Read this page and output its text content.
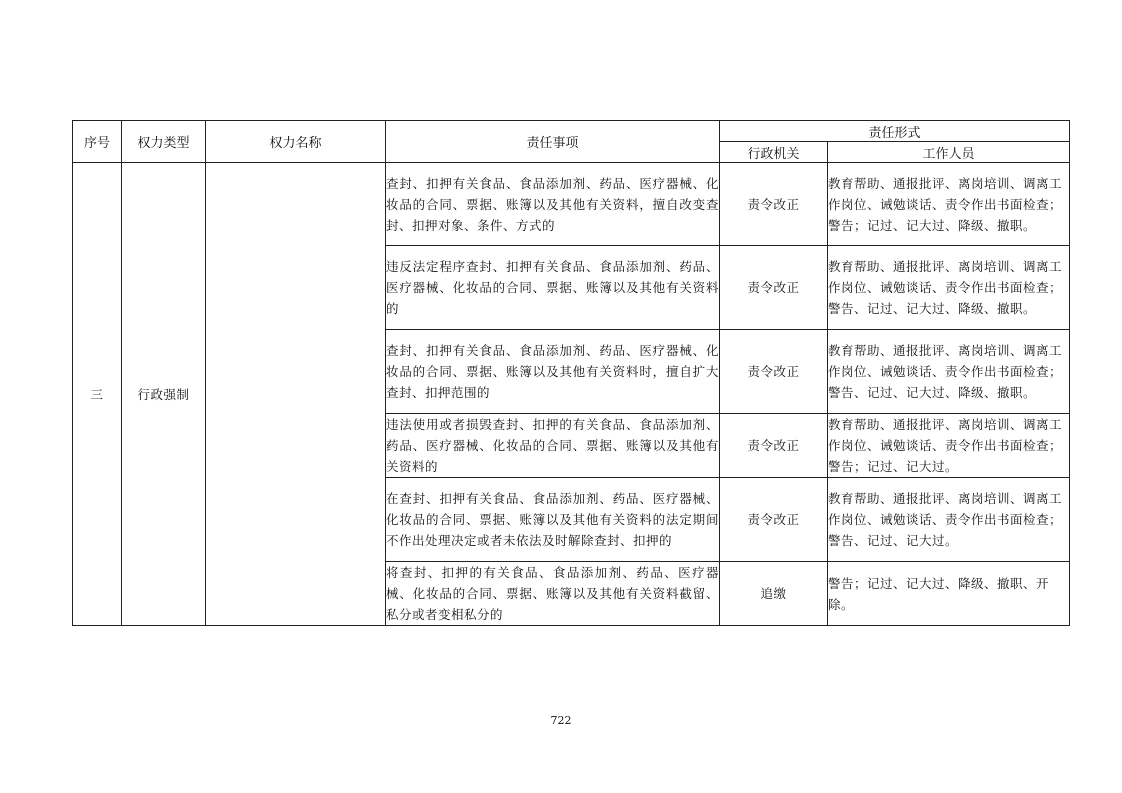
序号	权力类型	权力名称	责任事项	责任形式	
				行政机关	工作人员
三	行政强制		查封、扣押有关食品、食品添加剂、药品、医疗器械、化妆品的合同、票据、账簿以及其他有关资料，擅自改变查封、扣押对象、条件、方式的	责令改正	教育帮助、通报批评、离岗培训、调离工作岗位、诫勉谈话、责令作出书面检查；警告；记过、记大过、降级、撤职。
			违反法定程序查封、扣押有关食品、食品添加剂、药品、医疗器械、化妆品的合同、票据、账簿以及其他有关资料的	责令改正	教育帮助、通报批评、离岗培训、调离工作岗位、诫勉谈话、责令作出书面检查；警告、记过、记大过、降级、撤职。
			查封、扣押有关食品、食品添加剂、药品、医疗器械、化妆品的合同、票据、账簿以及其他有关资料时，擅自扩大查封、扣押范围的	责令改正	教育帮助、通报批评、离岗培训、调离工作岗位、诫勉谈话、责令作出书面检查；警告、记过、记大过、降级、撤职。
			违法使用或者损毁查封、扣押的有关食品、食品添加剂、药品、医疗器械、化妆品的合同、票据、账簿以及其他有关资料的	责令改正	教育帮助、通报批评、离岗培训、调离工作岗位、诫勉谈话、责令作出书面检查；警告；记过、记大过。
			在查封、扣押有关食品、食品添加剂、药品、医疗器械、化妆品的合同、票据、账簿以及其他有关资料的法定期间不作出处理决定或者未依法及时解除查封、扣押的	责令改正	教育帮助、通报批评、离岗培训、调离工作岗位、诫勉谈话、责令作出书面检查；警告、记过、记大过。
			将查封、扣押的有关食品、食品添加剂、药品、医疗器械、化妆品的合同、票据、账簿以及其他有关资料截留、私分或者变相私分的	追缴	警告；记过、记大过、降级、撤职、开除。
722
